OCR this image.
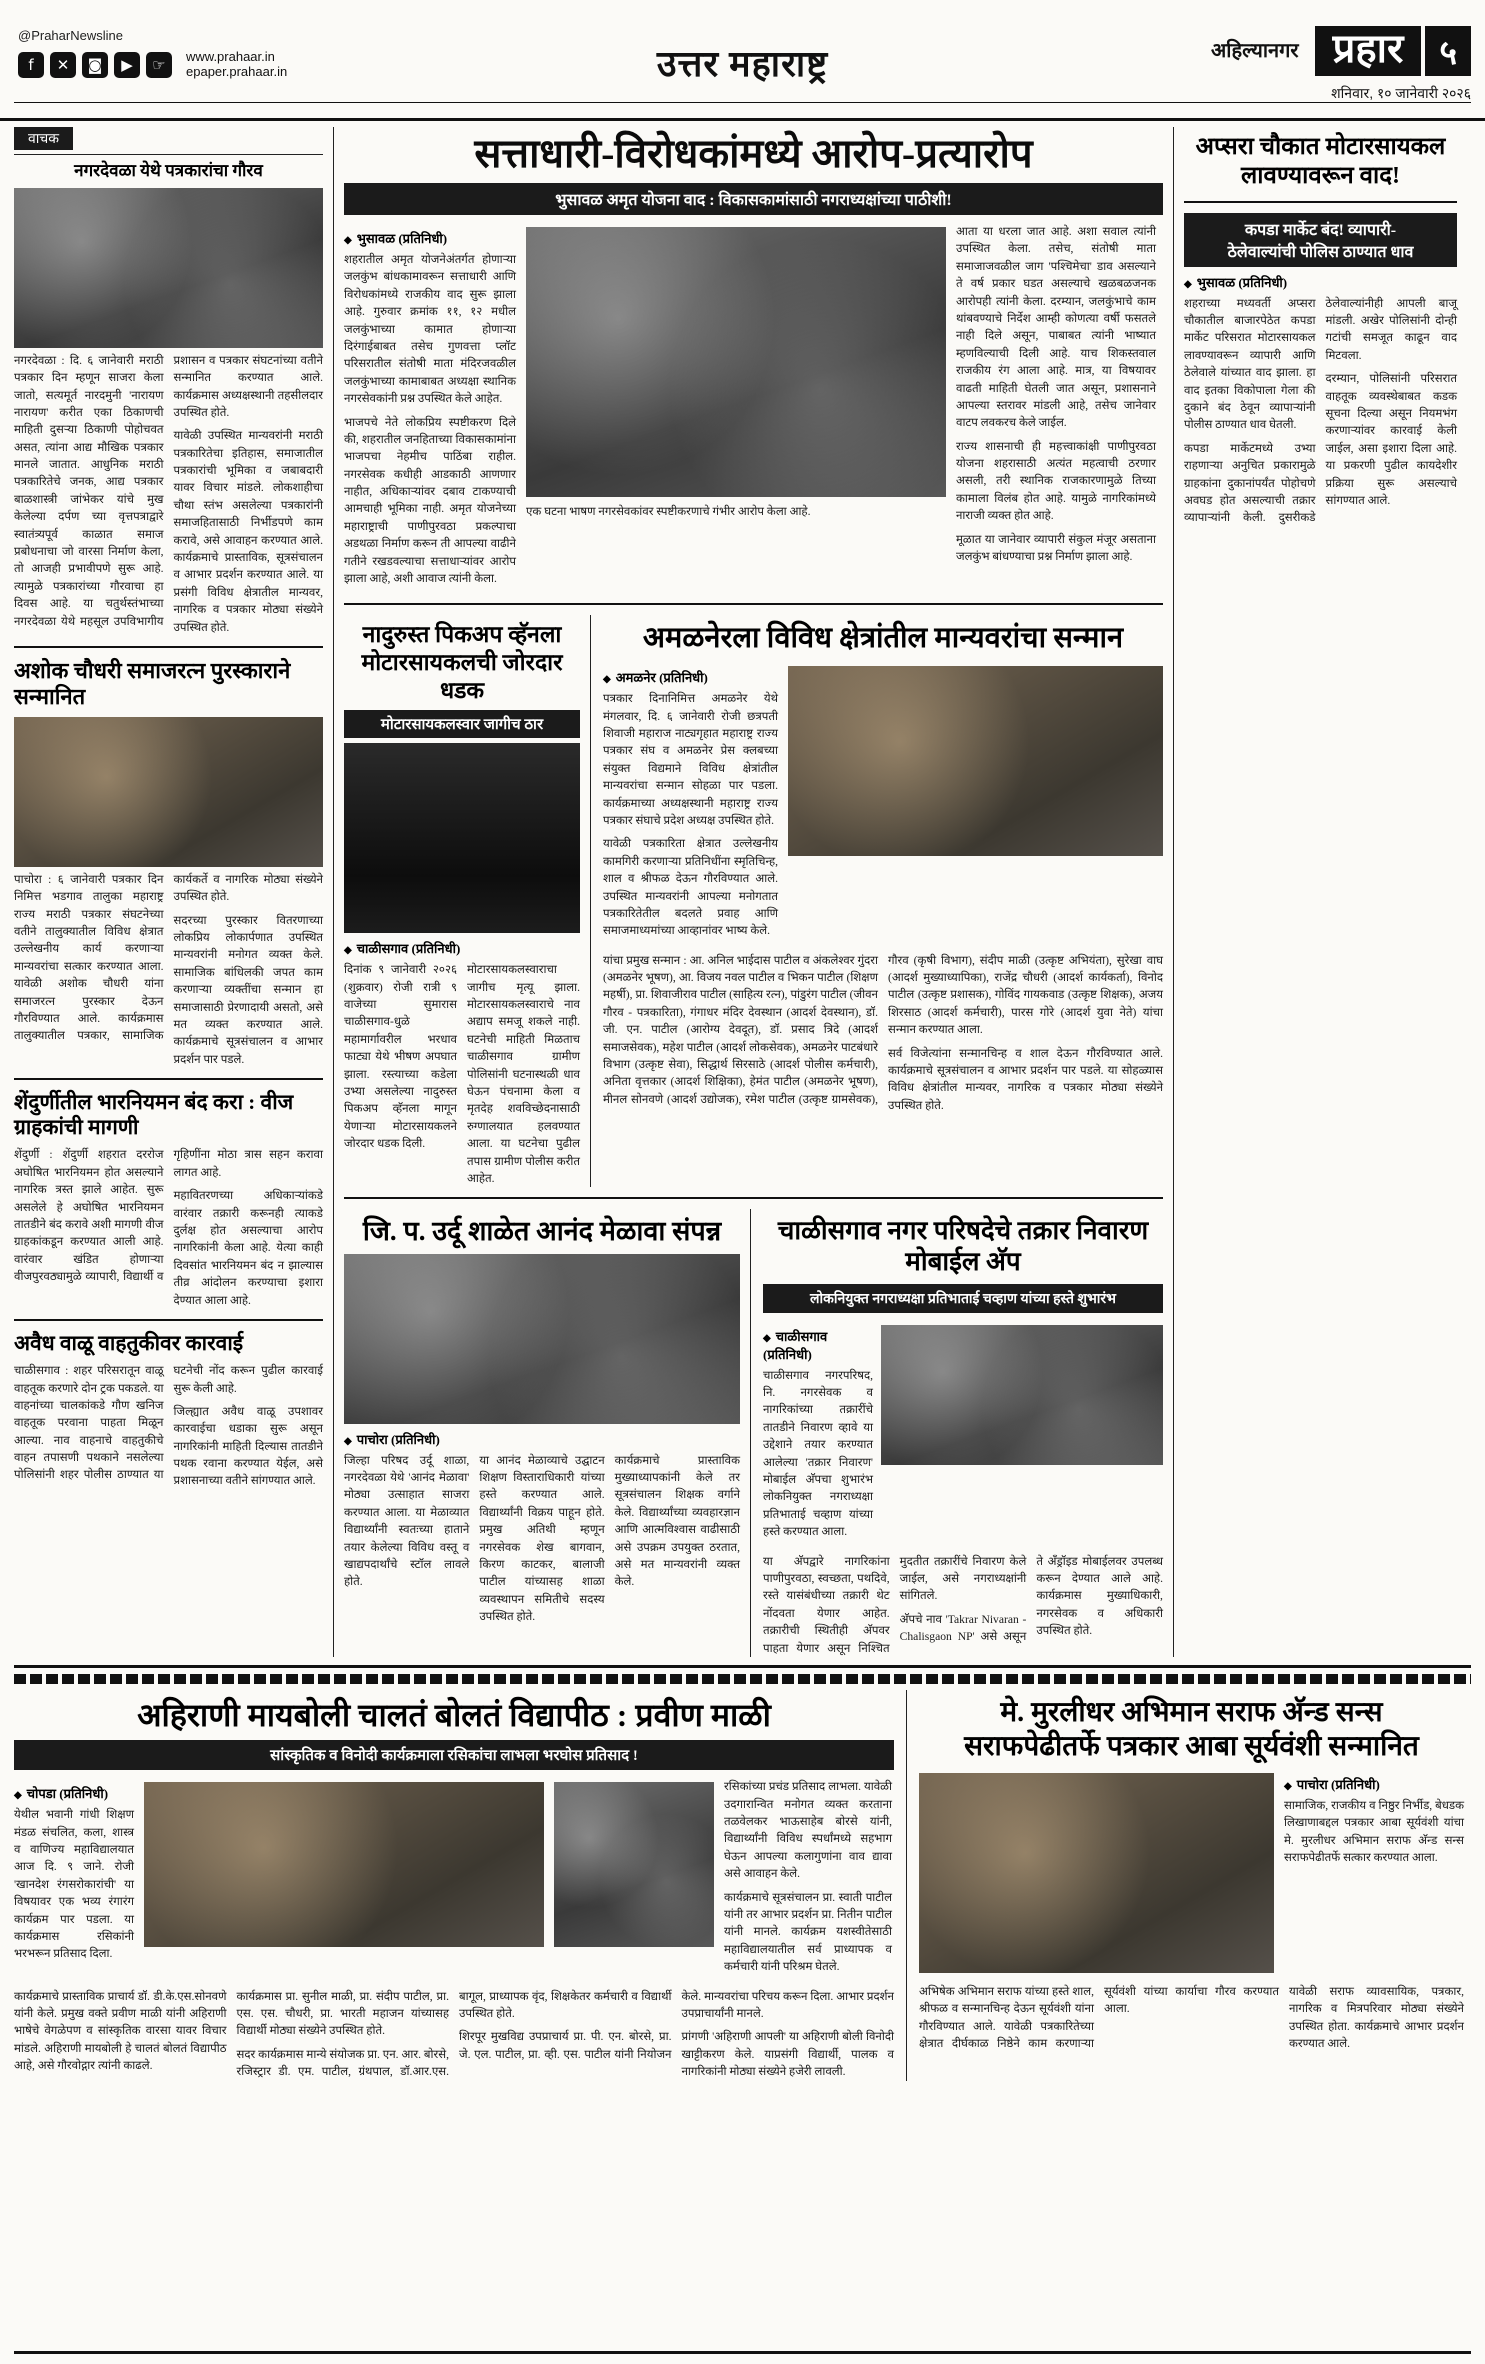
@PraharNewsline
f	✕	◙	▶	☞	www.prahaar.in
epaper.prahaar.in	उत्तर महाराष्ट्र	अहिल्यानगर प्रहार	५
शनिवार, १० जानेवारी २०२६
वाचक
नगरदेवळा येथे पत्रकारांचा गौरव

नगरदेवळा : दि. ६ जानेवारी मराठी पत्रकार दिन म्हणून साजरा केला जातो, सत्यमूर्त नारदमुनी 'नारायण नारायण' करीत एका ठिकाणची माहिती दुसऱ्या ठिकाणी पोहोचवत असत, त्यांना आद्य मौखिक पत्रकार मानले जातात. आधुनिक मराठी पत्रकारितेचे जनक, आद्य पत्रकार बाळशास्त्री जांभेकर यांचे मुख केलेल्या दर्पण च्या वृत्तपत्राद्वारे स्वातंत्र्यपूर्व काळात समाज प्रबोधनाचा जो वारसा निर्माण केला, तो आजही प्रभावीपणे सुरू आहे. त्यामुळे पत्रकारांच्या गौरवाचा हा दिवस आहे. या चतुर्थस्तंभाच्या नगरदेवळा येथे महसूल उपविभागीय प्रशासन व पत्रकार संघटनांच्या वतीने सन्मानित करण्यात आले. कार्यक्रमास अध्यक्षस्थानी तहसीलदार उपस्थित होते.

यावेळी उपस्थित मान्यवरांनी मराठी पत्रकारितेचा इतिहास, समाजातील पत्रकारांची भूमिका व जबाबदारी यावर विचार मांडले. लोकशाहीचा चौथा स्तंभ असलेल्या पत्रकारांनी समाजहितासाठी निर्भीडपणे काम करावे, असे आवाहन करण्यात आले. कार्यक्रमाचे प्रास्ताविक, सूत्रसंचालन व आभार प्रदर्शन करण्यात आले. या प्रसंगी विविध क्षेत्रातील मान्यवर, नागरिक व पत्रकार मोठ्या संख्येने उपस्थित होते.

अशोक चौधरी समाजरत्न पुरस्काराने सन्मानित

पाचोरा : ६ जानेवारी पत्रकार दिन निमित्त भडगाव तालुका महाराष्ट्र राज्य मराठी पत्रकार संघटनेच्या वतीने तालुक्यातील विविध क्षेत्रात उल्लेखनीय कार्य करणाऱ्या मान्यवरांचा सत्कार करण्यात आला. यावेळी अशोक चौधरी यांना समाजरत्न पुरस्कार देऊन गौरविण्यात आले. कार्यक्रमास तालुक्यातील पत्रकार, सामाजिक कार्यकर्ते व नागरिक मोठ्या संख्येने उपस्थित होते.

सदरच्या पुरस्कार वितरणाच्या लोकप्रिय लोकार्पणात उपस्थित मान्यवरांनी मनोगत व्यक्त केले. सामाजिक बांधिलकी जपत काम करणाऱ्या व्यक्तींचा सन्मान हा समाजासाठी प्रेरणादायी असतो, असे मत व्यक्त करण्यात आले. कार्यक्रमाचे सूत्रसंचालन व आभार प्रदर्शन पार पडले.

शेंदुर्णीतील भारनियमन बंद करा : वीज ग्राहकांची मागणी

शेंदुर्णी : शेंदुर्णी शहरात दररोज अघोषित भारनियमन होत असल्याने नागरिक त्रस्त झाले आहेत. सुरू असलेले हे अघोषित भारनियमन तातडीने बंद करावे अशी मागणी वीज ग्राहकांकडून करण्यात आली आहे. वारंवार खंडित होणाऱ्या वीजपुरवठ्यामुळे व्यापारी, विद्यार्थी व गृहिणींना मोठा त्रास सहन करावा लागत आहे.

महावितरणच्या अधिकाऱ्यांकडे वारंवार तक्रारी करूनही त्याकडे दुर्लक्ष होत असल्याचा आरोप नागरिकांनी केला आहे. येत्या काही दिवसांत भारनियमन बंद न झाल्यास तीव्र आंदोलन करण्याचा इशारा देण्यात आला आहे.

अवैध वाळू वाहतुकीवर कारवाई

चाळीसगाव : शहर परिसरातून वाळू वाहतूक करणारे दोन ट्रक पकडले. या वाहनांच्या चालकांकडे गौण खनिज वाहतूक परवाना पाहता मिळून आल्या. नाव वाहनाचे वाहतुकीचे वाहन तपासणी पथकाने नसलेल्या पोलिसांनी शहर पोलीस ठाण्यात या घटनेची नोंद करून पुढील कारवाई सुरू केली आहे.

जिल्ह्यात अवैध वाळू उपशावर कारवाईचा धडाका सुरू असून नागरिकांनी माहिती दिल्यास तातडीने पथक रवाना करण्यात येईल, असे प्रशासनाच्या वतीने सांगण्यात आले.

सत्ताधारी-विरोधकांमध्ये आरोप-प्रत्यारोप
भुसावळ अमृत योजना वाद : विकासकामांसाठी नगराध्यक्षांच्या पाठीशी!
◆ भुसावळ (प्रतिनिधी)

शहरातील अमृत योजनेअंतर्गत होणाऱ्या जलकुंभ बांधकामावरून सत्ताधारी आणि विरोधकांमध्ये राजकीय वाद सुरू झाला आहे. गुरुवार क्रमांक ११, १२ मधील जलकुंभाच्या कामात होणाऱ्या दिरंगाईबाबत तसेच गुणवत्ता प्लॉट परिसरातील संतोषी माता मंदिरजवळील जलकुंभाच्या कामाबाबत अध्यक्षा स्थानिक नगरसेवकांनी प्रश्न उपस्थित केले आहेत.

भाजपचे नेते लोकप्रिय स्पष्टीकरण दिले की, शहरातील जनहिताच्या विकासकामांना भाजपचा नेहमीच पाठिंबा राहील. नगरसेवक कधीही आडकाठी आणणार नाहीत, अधिकाऱ्यांवर दबाव टाकण्याची आमचाही भूमिका नाही. अमृत योजनेच्या महाराष्ट्राची पाणीपुरवठा प्रकल्पाचा अडथळा निर्माण करून ती आपल्या वाढीने गतीने रखडवल्याचा सत्ताधाऱ्यांवर आरोप झाला आहे, अशी आवाज त्यांनी केला.

एक घटना भाषण नगरसेवकांवर स्पष्टीकरणाचे गंभीर आरोप केला आहे.

आता या धरला जात आहे. अशा सवाल त्यांनी उपस्थित केला. तसेच, संतोषी माता समाजाजवळील जाग 'पश्चिमेचा' डाव असल्याने ते वर्ष प्रकार घडत असल्याचे खळबळजनक आरोपही त्यांनी केला. दरम्यान, जलकुंभाचे काम थांबवण्याचे निर्देश आम्ही कोणत्या वर्षी फसतले नाही दिले असून, पाबाबत त्यांनी भाष्यात म्हणविल्याची दिली आहे. याच शिकस्तवाल राजकीय रंग आला आहे. मात्र, या विषयावर वाढती माहिती घेतली जात असून, प्रशासनाने आपल्या स्तरावर मांडली आहे, तसेच जानेवार वाटप लवकरच केले जाईल.

राज्य शासनाची ही महत्त्वाकांक्षी पाणीपुरवठा योजना शहरासाठी अत्यंत महत्वाची ठरणार असली, तरी स्थानिक राजकारणामुळे तिच्या कामाला विलंब होत आहे. यामुळे नागरिकांमध्ये नाराजी व्यक्त होत आहे.

मूळात या जानेवार व्यापारी संकुल मंजूर असताना जलकुंभ बांधण्याचा प्रश्न निर्माण झाला आहे.

नादुरुस्त पिकअप व्हॅनला मोटारसायकलची जोरदार धडक
मोटारसायकलस्वार जागीच ठार
◆ चाळीसगाव (प्रतिनिधी)

दिनांक ९ जानेवारी २०२६ (शुक्रवार) रोजी रात्री ९ वाजेच्या सुमारास चाळीसगाव-धुळे महामार्गावरील भरधाव फाट्या येथे भीषण अपघात झाला. रस्त्याच्या कडेला उभ्या असलेल्या नादुरुस्त पिकअप व्हॅनला मागून येणाऱ्या मोटारसायकलने जोरदार धडक दिली.

मोटारसायकलस्वाराचा जागीच मृत्यू झाला. मोटारसायकलस्वाराचे नाव अद्याप समजू शकले नाही. घटनेची माहिती मिळताच चाळीसगाव ग्रामीण पोलिसांनी घटनास्थळी धाव घेऊन पंचनामा केला व मृतदेह शवविच्छेदनासाठी रुग्णालयात हलवण्यात आला. या घटनेचा पुढील तपास ग्रामीण पोलीस करीत आहेत.

अमळनेरला विविध क्षेत्रांतील मान्यवरांचा सन्मान
◆ अमळनेर (प्रतिनिधी)

पत्रकार दिनानिमित्त अमळनेर येथे मंगलवार, दि. ६ जानेवारी रोजी छत्रपती शिवाजी महाराज नाट्यगृहात महाराष्ट्र राज्य पत्रकार संघ व अमळनेर प्रेस क्लबच्या संयुक्त विद्यमाने विविध क्षेत्रांतील मान्यवरांचा सन्मान सोहळा पार पडला. कार्यक्रमाच्या अध्यक्षस्थानी महाराष्ट्र राज्य पत्रकार संघाचे प्रदेश अध्यक्ष उपस्थित होते.

यावेळी पत्रकारिता क्षेत्रात उल्लेखनीय कामगिरी करणाऱ्या प्रतिनिधींना स्मृतिचिन्ह, शाल व श्रीफळ देऊन गौरविण्यात आले. उपस्थित मान्यवरांनी आपल्या मनोगतात पत्रकारितेतील बदलते प्रवाह आणि समाजमाध्यमांच्या आव्हानांवर भाष्य केले.

यांचा प्रमुख सन्मान : आ. अनिल भाईदास पाटील व अंकलेश्वर गुंदरा (अमळनेर भूषण), आ. विजय नवल पाटील व भिकन पाटील (शिक्षण महर्षी), प्रा. शिवाजीराव पाटील (साहित्य रत्न), पांडुरंग पाटील (जीवन गौरव - पत्रकारिता), गंगाधर मंदिर देवस्थान (आदर्श देवस्थान), डॉ. जी. एन. पाटील (आरोग्य देवदूत), डॉ. प्रसाद त्रिदे (आदर्श समाजसेवक), महेश पाटील (आदर्श लोकसेवक), अमळनेर पाटबंधारे विभाग (उत्कृष्ट सेवा), सिद्धार्थ सिरसाठे (आदर्श पोलीस कर्मचारी), अनिता वृत्तकार (आदर्श शिक्षिका), हेमंत पाटील (अमळनेर भूषण), मीनल सोनवणे (आदर्श उद्योजक), रमेश पाटील (उत्कृष्ट ग्रामसेवक), गौरव (कृषी विभाग), संदीप माळी (उत्कृष्ट अभियंता), सुरेखा वाघ (आदर्श मुख्याध्यापिका), राजेंद्र चौधरी (आदर्श कार्यकर्ता), विनोद पाटील (उत्कृष्ट प्रशासक), गोविंद गायकवाड (उत्कृष्ट शिक्षक), अजय शिरसाठ (आदर्श कर्मचारी), पारस गोरे (आदर्श युवा नेते) यांचा सन्मान करण्यात आला.

सर्व विजेत्यांना सन्मानचिन्ह व शाल देऊन गौरविण्यात आले. कार्यक्रमाचे सूत्रसंचालन व आभार प्रदर्शन पार पडले. या सोहळ्यास विविध क्षेत्रांतील मान्यवर, नागरिक व पत्रकार मोठ्या संख्येने उपस्थित होते.

जि. प. उर्दू शाळेत आनंद मेळावा संपन्न
◆ पाचोरा (प्रतिनिधी)

जिल्हा परिषद उर्दू शाळा, नगरदेवळा येथे 'आनंद मेळावा' मोठ्या उत्साहात साजरा करण्यात आला. या मेळाव्यात विद्यार्थ्यांनी स्वतःच्या हाताने तयार केलेल्या विविध वस्तू व खाद्यपदार्थांचे स्टॉल लावले होते.

या आनंद मेळाव्याचे उद्घाटन शिक्षण विस्ताराधिकारी यांच्या हस्ते करण्यात आले. विद्यार्थ्यांनी विक्रय पाहून होते. प्रमुख अतिथी म्हणून नगरसेवक शेख बागवान, किरण काटकर, बालाजी पाटील यांच्यासह शाळा व्यवस्थापन समितीचे सदस्य उपस्थित होते.

कार्यक्रमाचे प्रास्ताविक मुख्याध्यापकांनी केले तर सूत्रसंचालन शिक्षक वर्गाने केले. विद्यार्थ्यांच्या व्यवहारज्ञान आणि आत्मविश्वास वाढीसाठी असे उपक्रम उपयुक्त ठरतात, असे मत मान्यवरांनी व्यक्त केले.

चाळीसगाव नगर परिषदेचे तक्रार निवारण मोबाईल अ‍ॅप
लोकनियुक्त नगराध्यक्षा प्रतिभाताई चव्हाण यांच्या हस्ते शुभारंभ
◆ चाळीसगाव (प्रतिनिधी)

चाळीसगाव नगरपरिषद, नि. नगरसेवक व नागरिकांच्या तक्रारींचे तातडीने निवारण व्हावे या उद्देशाने तयार करण्यात आलेल्या 'तक्रार निवारण' मोबाईल अ‍ॅपचा शुभारंभ लोकनियुक्त नगराध्यक्षा प्रतिभाताई चव्हाण यांच्या हस्ते करण्यात आला.

या अ‍ॅपद्वारे नागरिकांना पाणीपुरवठा, स्वच्छता, पथदिवे, रस्ते यासंबंधीच्या तक्रारी थेट नोंदवता येणार आहेत. तक्रारीची स्थितीही अ‍ॅपवर पाहता येणार असून निश्चित मुदतीत तक्रारींचे निवारण केले जाईल, असे नगराध्यक्षांनी सांगितले.

अ‍ॅपचे नाव 'Takrar Nivaran - Chalisgaon NP' असे असून ते अँड्रॉइड मोबाईलवर उपलब्ध करून देण्यात आले आहे. कार्यक्रमास मुख्याधिकारी, नगरसेवक व अधिकारी उपस्थित होते.

अप्सरा चौकात मोटारसायकल लावण्यावरून वाद!
कपडा मार्केट बंद! व्यापारी-
ठेलेवाल्यांची पोलिस ठाण्यात धाव
◆ भुसावळ (प्रतिनिधी)

शहराच्या मध्यवर्ती अप्सरा चौकातील बाजारपेठेत कपडा मार्केट परिसरात मोटारसायकल लावण्यावरून व्यापारी आणि ठेलेवाले यांच्यात वाद झाला. हा वाद इतका विकोपाला गेला की दुकाने बंद ठेवून व्यापाऱ्यांनी पोलीस ठाण्यात धाव घेतली.

कपडा मार्केटमध्ये उभ्या राहणाऱ्या अनुचित प्रकारामुळे ग्राहकांना दुकानांपर्यंत पोहोचणे अवघड होत असल्याची तक्रार व्यापाऱ्यांनी केली. दुसरीकडे ठेलेवाल्यांनीही आपली बाजू मांडली. अखेर पोलिसांनी दोन्ही गटांची समजूत काढून वाद मिटवला.

दरम्यान, पोलिसांनी परिसरात वाहतूक व्यवस्थेबाबत कडक सूचना दिल्या असून नियमभंग करणाऱ्यांवर कारवाई केली जाईल, असा इशारा दिला आहे. या प्रकरणी पुढील कायदेशीर प्रक्रिया सुरू असल्याचे सांगण्यात आले.

अहिराणी मायबोली चालतं बोलतं विद्यापीठ : प्रवीण माळी
सांस्कृतिक व विनोदी कार्यक्रमाला रसिकांचा लाभला भरघोस प्रतिसाद !
◆ चोपडा (प्रतिनिधी)

येथील भवानी गांधी शिक्षण मंडळ संचलित, कला, शास्त्र व वाणिज्य महाविद्यालयात आज दि. ९ जाने. रोजी 'खानदेश रंगसरोकारांची' या विषयावर एक भव्य रंगारंग कार्यक्रम पार पडला. या कार्यक्रमास रसिकांनी भरभरून प्रतिसाद दिला.

रसिकांच्या प्रचंड प्रतिसाद लाभला. यावेळी उदगारान्वित मनोगत व्यक्त करताना तळवेलकर भाऊसाहेब बोरसे यांनी, विद्यार्थ्यांनी विविध स्पर्धांमध्ये सहभाग घेऊन आपल्या कलागुणांना वाव द्यावा असे आवाहन केले.

कार्यक्रमाचे सूत्रसंचालन प्रा. स्वाती पाटील यांनी तर आभार प्रदर्शन प्रा. नितीन पाटील यांनी मानले. कार्यक्रम यशस्वीतेसाठी महाविद्यालयातील सर्व प्राध्यापक व कर्मचारी यांनी परिश्रम घेतले.

कार्यक्रमाचे प्रास्ताविक प्राचार्य डॉ. डी.के.एस.सोनवणे यांनी केले. प्रमुख वक्ते प्रवीण माळी यांनी अहिराणी भाषेचे वेगळेपण व सांस्कृतिक वारसा यावर विचार मांडले. अहिराणी मायबोली हे चालतं बोलतं विद्यापीठ आहे, असे गौरवोद्गार त्यांनी काढले.

कार्यक्रमास प्रा. सुनील माळी, प्रा. संदीप पाटील, प्रा. एस. एस. चौधरी, प्रा. भारती महाजन यांच्यासह विद्यार्थी मोठ्या संख्येने उपस्थित होते.

सदर कार्यक्रमास मान्ये संयोजक प्रा. एन. आर. बोरसे, रजिस्ट्रार डी. एम. पाटील, ग्रंथपाल, डॉ.आर.एस. बागूल, प्राध्यापक वृंद, शिक्षकेतर कर्मचारी व विद्यार्थी उपस्थित होते.

शिरपूर मुखविद्य उपप्राचार्य प्रा. पी. एन. बोरसे, प्रा. जे. एल. पाटील, प्रा. व्ही. एस. पाटील यांनी नियोजन केले. मान्यवरांचा परिचय करून दिला. आभार प्रदर्शन उपप्राचार्यांनी मानले.

प्रांगणी 'अहिराणी आपली' या अहिराणी बोली विनोदी खाट्टीकरण केले. याप्रसंगी विद्यार्थी, पालक व नागरिकांनी मोठ्या संख्येने हजेरी लावली.

मे. मुरलीधर अभिमान सराफ अ‍ॅन्ड सन्स
सराफपेढीतर्फे पत्रकार आबा सूर्यवंशी सन्मानित
◆ पाचोरा (प्रतिनिधी)

सामाजिक, राजकीय व निष्ठुर निर्भीड, बेधडक लिखाणाबद्दल पत्रकार आबा सूर्यवंशी यांचा मे. मुरलीधर अभिमान सराफ अ‍ॅन्ड सन्स सराफपेढीतर्फे सत्कार करण्यात आला.

अभिषेक अभिमान सराफ यांच्या हस्ते शाल, श्रीफळ व सन्मानचिन्ह देऊन सूर्यवंशी यांना गौरविण्यात आले. यावेळी पत्रकारितेच्या क्षेत्रात दीर्घकाळ निष्ठेने काम करणाऱ्या सूर्यवंशी यांच्या कार्याचा गौरव करण्यात आला.

यावेळी सराफ व्यावसायिक, पत्रकार, नागरिक व मित्रपरिवार मोठ्या संख्येने उपस्थित होता. कार्यक्रमाचे आभार प्रदर्शन करण्यात आले.
